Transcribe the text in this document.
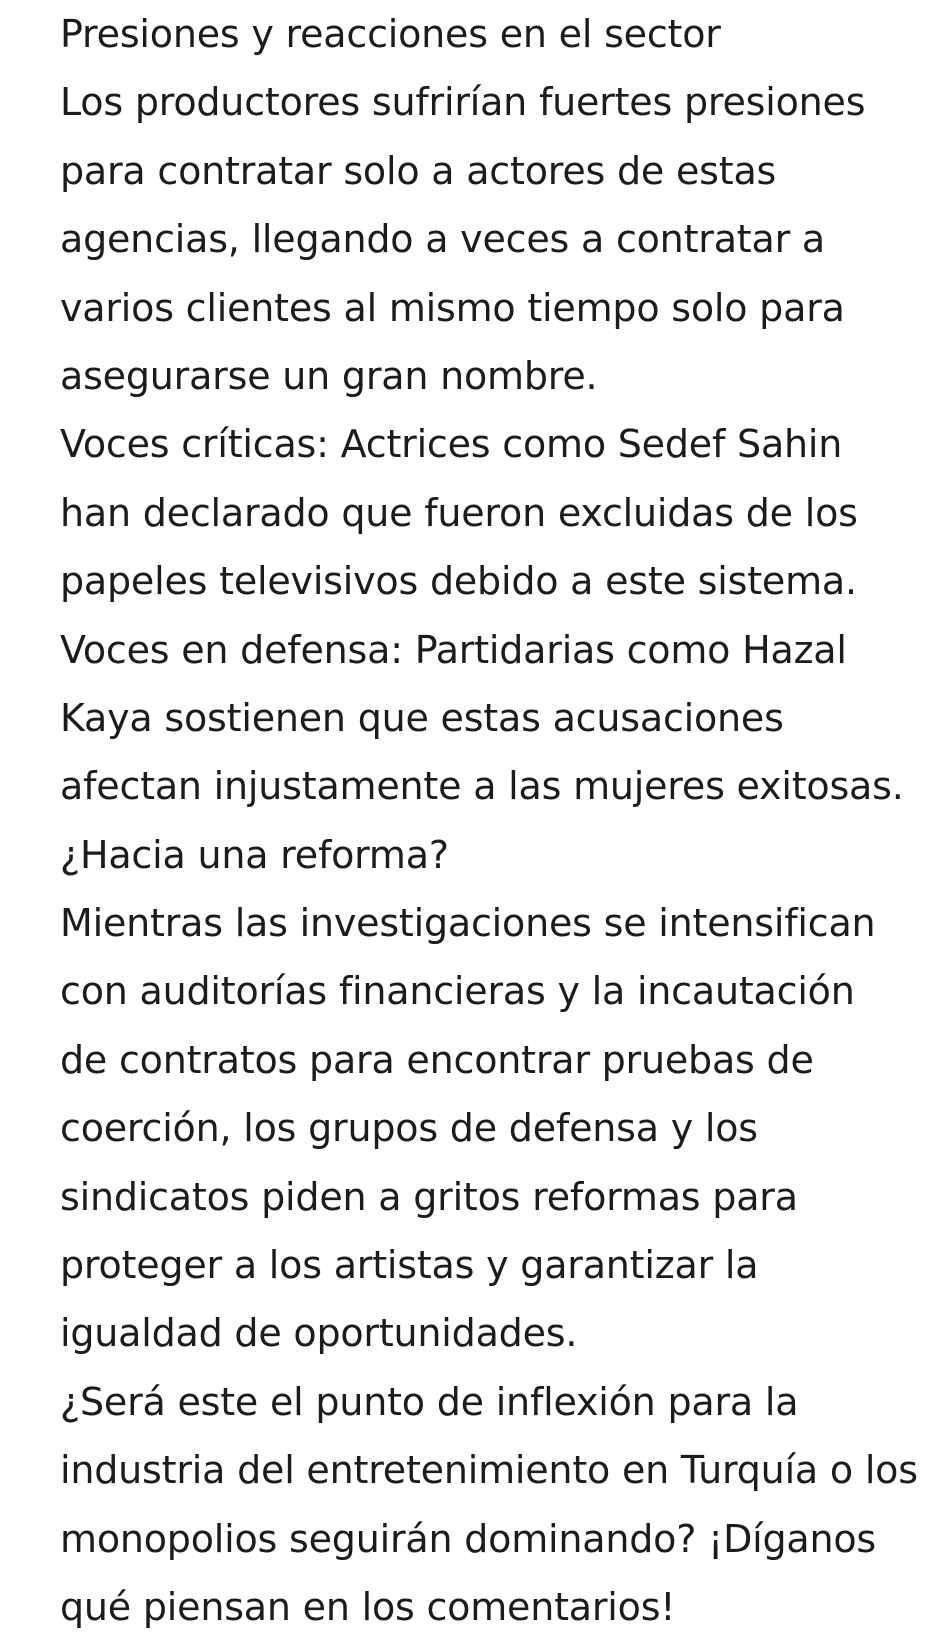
Presiones y reacciones en el sector
Los productores sufrirían fuertes presiones
para contratar solo a actores de estas
agencias, llegando a veces a contratar a
varios clientes al mismo tiempo solo para
asegurarse un gran nombre.
Voces críticas: Actrices como Sedef Sahin
han declarado que fueron excluidas de los
papeles televisivos debido a este sistema.
Voces en defensa: Partidarias como Hazal
Kaya sostienen que estas acusaciones
afectan injustamente a las mujeres exitosas.
¿Hacia una reforma?
Mientras las investigaciones se intensifican
con auditorías financieras y la incautación
de contratos para encontrar pruebas de
coerción, los grupos de defensa y los
sindicatos piden a gritos reformas para
proteger a los artistas y garantizar la
igualdad de oportunidades.
¿Será este el punto de inflexión para la
industria del entretenimiento en Turquía o los
monopolios seguirán dominando? ¡Díganos
qué piensan en los comentarios!
